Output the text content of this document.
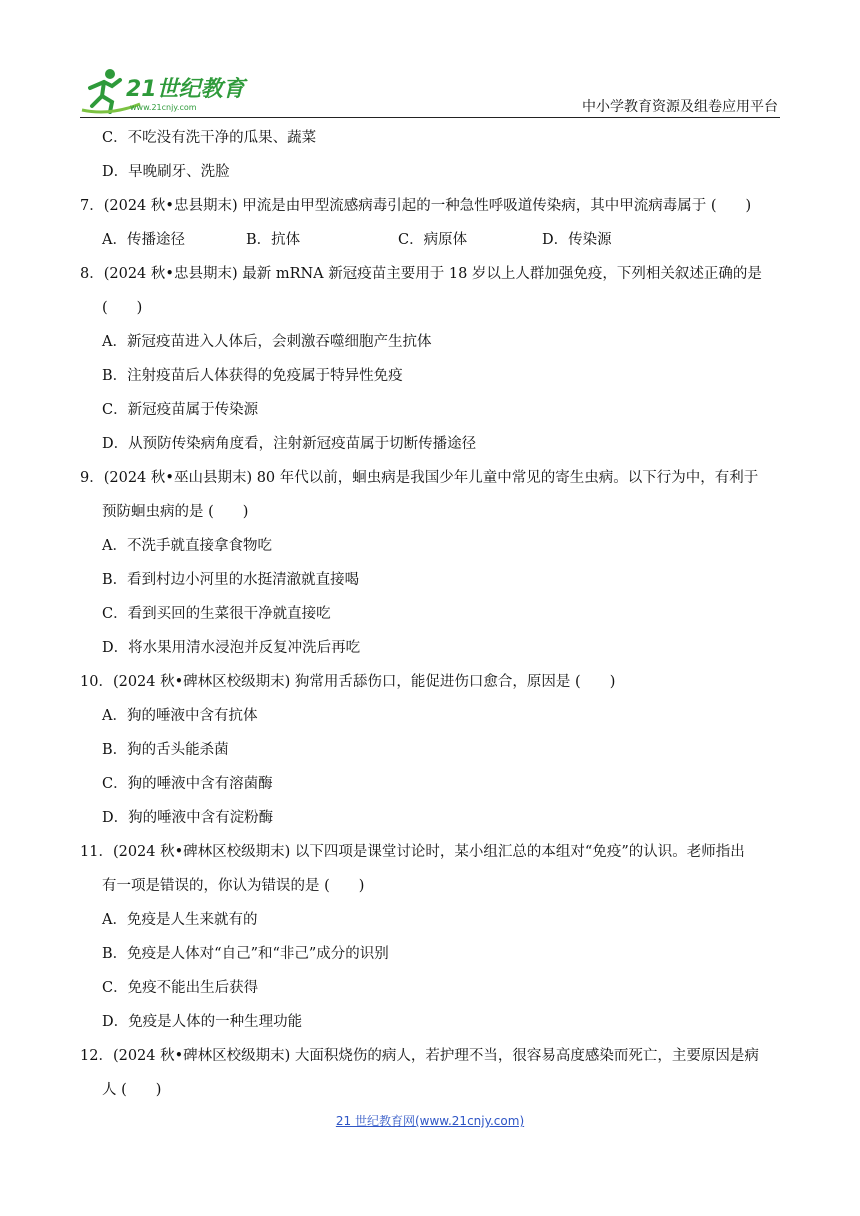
21世纪教育
www.21cnjy.com	中小学教育资源及组卷应用平台
C．不吃没有洗干净的瓜果、蔬菜
D．早晚刷牙、洗脸
7．(2024 秋•忠县期末) 甲流是由甲型流感病毒引起的一种急性呼吸道传染病，其中甲流病毒属于 (　　)
A．传播途径	B．抗体	C．病原体	D．传染源
8．(2024 秋•忠县期末) 最新 mRNA 新冠疫苗主要用于 18 岁以上人群加强免疫，下列相关叙述正确的是
(　　)
A．新冠疫苗进入人体后，会刺激吞噬细胞产生抗体
B．注射疫苗后人体获得的免疫属于特异性免疫
C．新冠疫苗属于传染源
D．从预防传染病角度看，注射新冠疫苗属于切断传播途径
9．(2024 秋•巫山县期末) 80 年代以前，蛔虫病是我国少年儿童中常见的寄生虫病。以下行为中，有利于
预防蛔虫病的是 (　　)
A．不洗手就直接拿食物吃
B．看到村边小河里的水挺清澈就直接喝
C．看到买回的生菜很干净就直接吃
D．将水果用清水浸泡并反复冲洗后再吃
10．(2024 秋•碑林区校级期末) 狗常用舌舔伤口，能促进伤口愈合，原因是 (　　)
A．狗的唾液中含有抗体
B．狗的舌头能杀菌
C．狗的唾液中含有溶菌酶
D．狗的唾液中含有淀粉酶
11．(2024 秋•碑林区校级期末) 以下四项是课堂讨论时，某小组汇总的本组对“免疫”的认识。老师指出
有一项是错误的，你认为错误的是 (　　)
A．免疫是人生来就有的
B．免疫是人体对“自己”和“非己”成分的识别
C．免疫不能出生后获得
D．免疫是人体的一种生理功能
12．(2024 秋•碑林区校级期末) 大面积烧伤的病人，若护理不当，很容易高度感染而死亡，主要原因是病
人 (　　)
21 世纪教育网(www.21cnjy.com)
